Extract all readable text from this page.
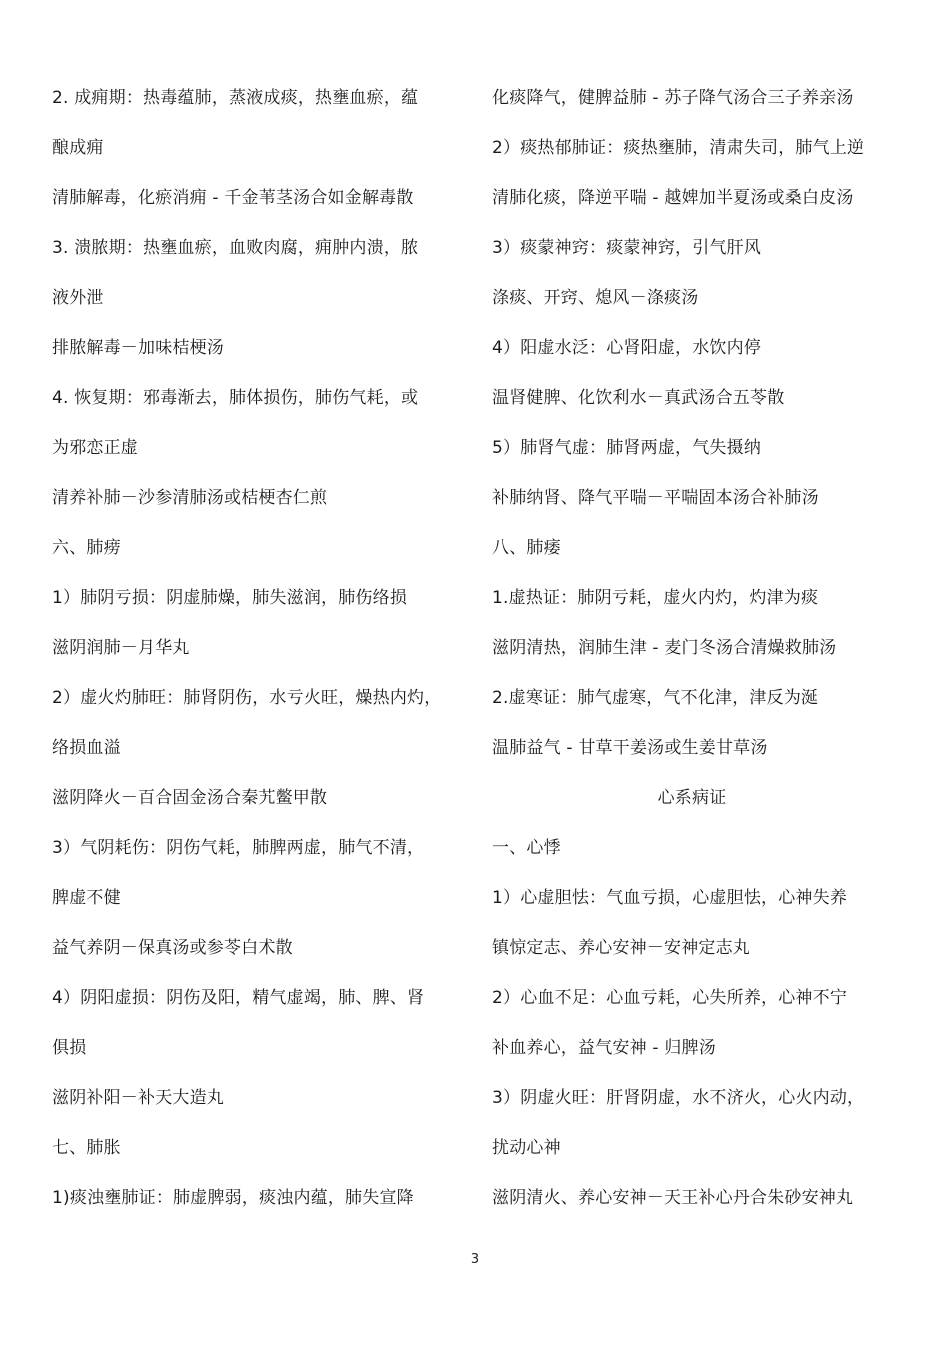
2. 成痈期：热毒蕴肺，蒸液成痰，热壅血瘀，蕴
酿成痈
清肺解毒，化瘀消痈 - 千金苇茎汤合如金解毒散
3. 溃脓期：热壅血瘀，血败肉腐，痈肿内溃，脓
液外泄
排脓解毒－加味桔梗汤
4. 恢复期：邪毒渐去，肺体损伤，肺伤气耗，或
为邪恋正虚
清养补肺－沙参清肺汤或桔梗杏仁煎
六、肺痨
1）肺阴亏损：阴虚肺燥，肺失滋润，肺伤络损
滋阴润肺－月华丸
2）虚火灼肺旺：肺肾阴伤，水亏火旺，燥热内灼，
络损血溢
滋阴降火－百合固金汤合秦艽鳖甲散
3）气阴耗伤：阴伤气耗，肺脾两虚，肺气不清，
脾虚不健
益气养阴－保真汤或参苓白术散
4）阴阳虚损：阴伤及阳，精气虚竭，肺、脾、肾
俱损
滋阴补阳－补天大造丸
七、肺胀
1)痰浊壅肺证：肺虚脾弱，痰浊内蕴，肺失宣降
化痰降气，健脾益肺 - 苏子降气汤合三子养亲汤
2）痰热郁肺证：痰热壅肺，清肃失司，肺气上逆
清肺化痰，降逆平喘 - 越婢加半夏汤或桑白皮汤
3）痰蒙神窍：痰蒙神窍，引气肝风
涤痰、开窍、熄风－涤痰汤
4）阳虚水泛：心肾阳虚，水饮内停
温肾健脾、化饮利水－真武汤合五苓散
5）肺肾气虚：肺肾两虚，气失摄纳
补肺纳肾、降气平喘－平喘固本汤合补肺汤
八、肺痿
1.虚热证：肺阴亏耗，虚火内灼，灼津为痰
滋阴清热，润肺生津 - 麦门冬汤合清燥救肺汤
2.虚寒证：肺气虚寒，气不化津，津反为涎
温肺益气 - 甘草干姜汤或生姜甘草汤
心系病证
一、心悸
1）心虚胆怯：气血亏损，心虚胆怯，心神失养
镇惊定志、养心安神－安神定志丸
2）心血不足：心血亏耗，心失所养，心神不宁
补血养心，益气安神 - 归脾汤
3）阴虚火旺：肝肾阴虚，水不济火，心火内动，
扰动心神
滋阴清火、养心安神－天王补心丹合朱砂安神丸
3
